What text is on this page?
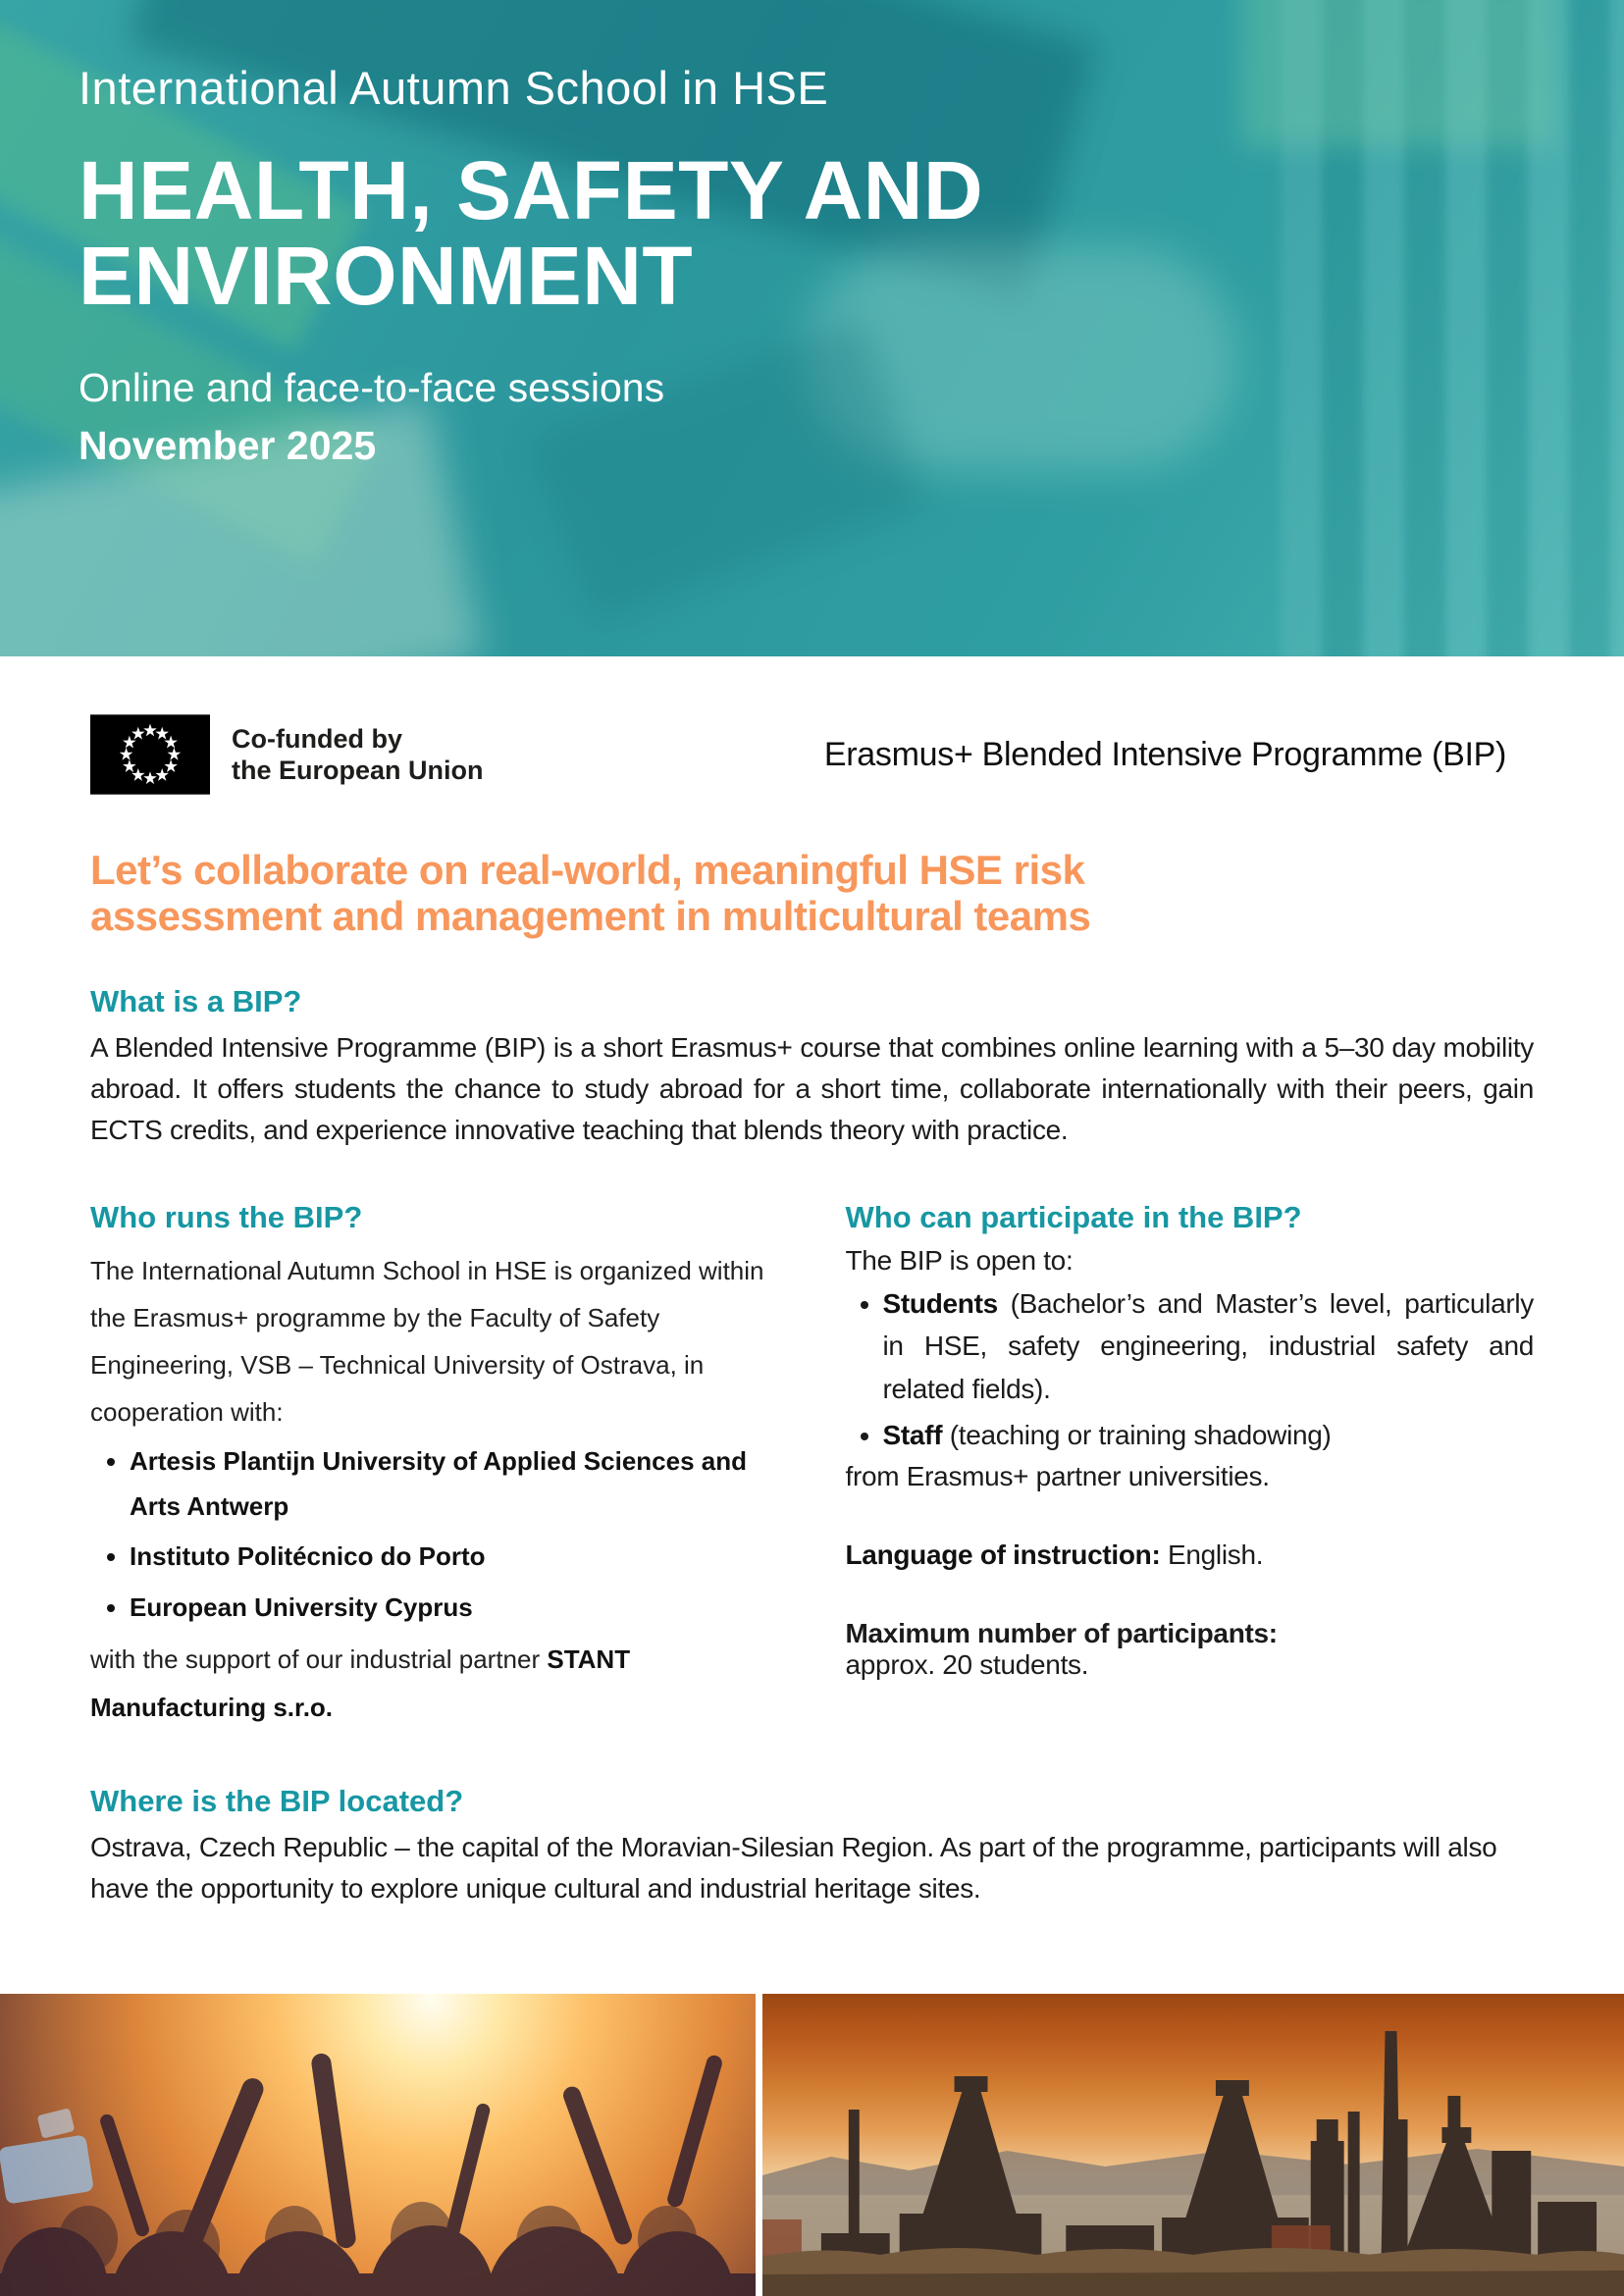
International Autumn School in HSE
HEALTH, SAFETY AND
ENVIRONMENT
Online and face-to-face sessions
November 2025
Co-funded by
the European Union	Erasmus+ Blended Intensive Programme (BIP)
Let’s collaborate on real-world, meaningful HSE risk
assessment and management in multicultural teams
What is a BIP?
A Blended Intensive Programme (BIP) is a short Erasmus+ course that combines online learning with a 5–30 day mobility abroad. It offers students the chance to study abroad for a short time, collaborate internationally with their peers, gain ECTS credits, and experience innovative teaching that blends theory with practice.
Who runs the BIP?
The International Autumn School in HSE is organized within the Erasmus+ programme by the Faculty of Safety Engineering, VSB – Technical University of Ostrava, in cooperation with:
• Artesis Plantijn University of Applied Sciences and Arts Antwerp
• Instituto Politécnico do Porto
• European University Cyprus
with the support of our industrial partner STANT Manufacturing s.r.o.
Who can participate in the BIP?
The BIP is open to:
• Students (Bachelor’s and Master’s level, particularly in HSE, safety engineering, industrial safety and related fields).
• Staff (teaching or training shadowing)
from Erasmus+ partner universities.
Language of instruction: English.
Maximum number of participants:
approx. 20 students.
Where is the BIP located?
Ostrava, Czech Republic – the capital of the Moravian-Silesian Region. As part of the programme, participants will also have the opportunity to explore unique cultural and industrial heritage sites.
